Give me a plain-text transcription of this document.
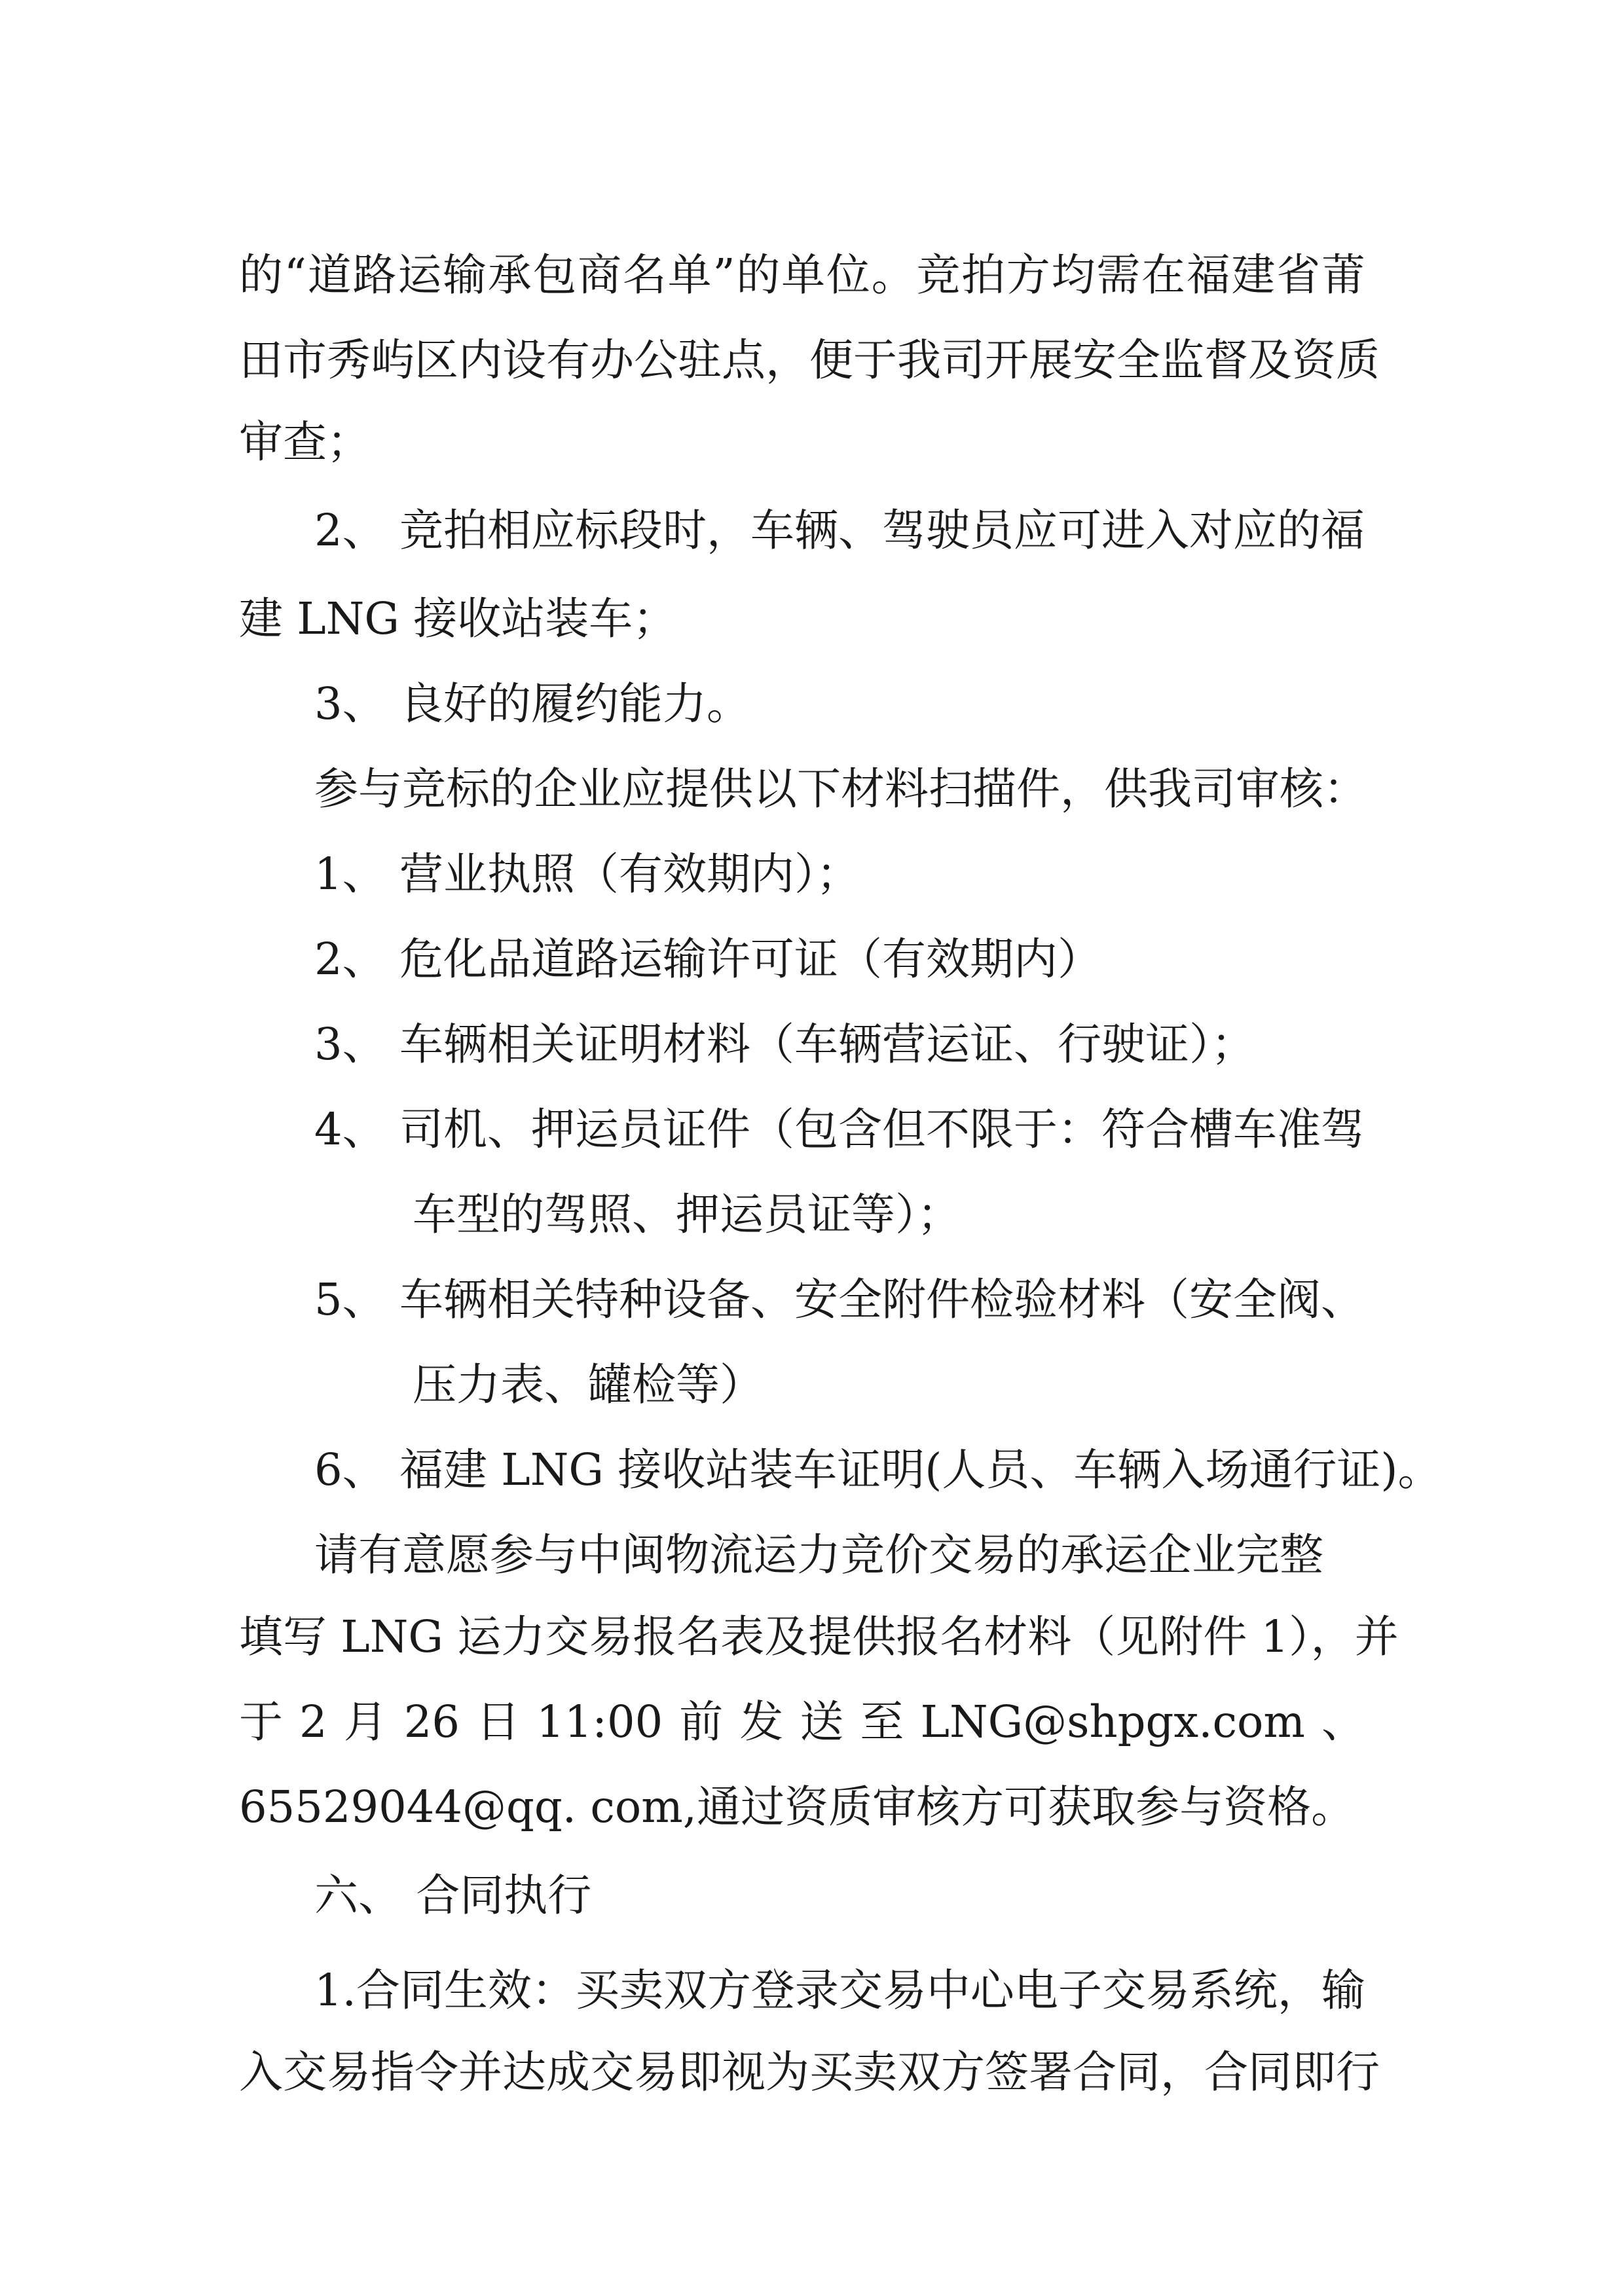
的“道路运输承包商名单”的单位。竞拍方均需在福建省莆

田市秀屿区内设有办公驻点，便于我司开展安全监督及资质

审查；

2、 竞拍相应标段时，车辆、驾驶员应可进入对应的福

建 LNG 接收站装车；

3、 良好的履约能力。

参与竞标的企业应提供以下材料扫描件，供我司审核：

1、 营业执照（有效期内）；

2、 危化品道路运输许可证（有效期内）

3、 车辆相关证明材料（车辆营运证、行驶证）；

4、 司机、押运员证件（包含但不限于：符合槽车准驾

车型的驾照、押运员证等）；

5、 车辆相关特种设备、安全附件检验材料（安全阀、

压力表、罐检等）

6、 福建 LNG 接收站装车证明(人员、车辆入场通行证)。

请有意愿参与中闽物流运力竞价交易的承运企业完整

填写 LNG 运力交易报名表及提供报名材料（见附件 1），并

于 2 月 26 日 11:00 前 发 送 至 LNG@shpgx.com 、

65529044@qq. com,通过资质审核方可获取参与资格。

六、 合同执行

1.合同生效：买卖双方登录交易中心电子交易系统，输

入交易指令并达成交易即视为买卖双方签署合同，合同即行
